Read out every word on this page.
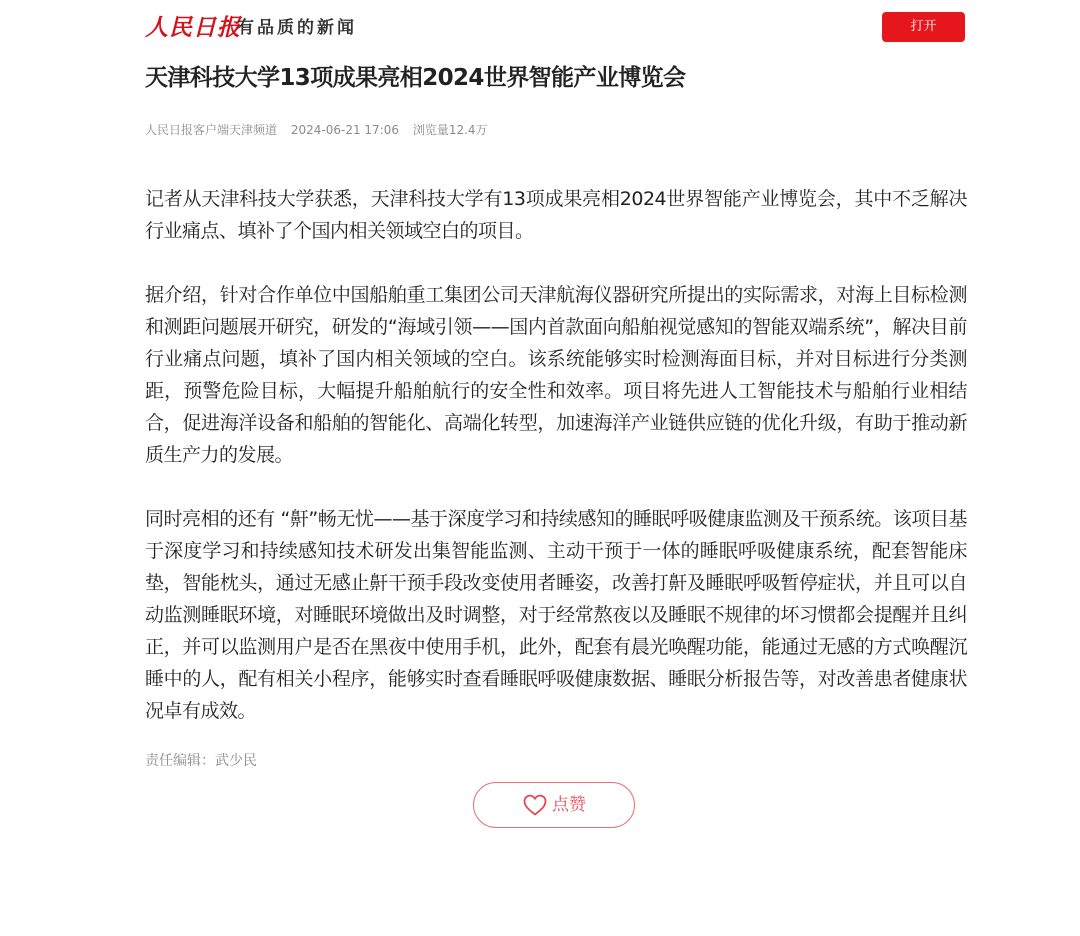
人民日报
有品质的新闻	打开
天津科技大学13项成果亮相2024世界智能产业博览会
人民日报客户端天津频道 2024-06-21 17:06 浏览量12.4万

记者从天津科技大学获悉，天津科技大学有13项成果亮相2024世界智能产业博览会，其中不乏解决行业痛点、填补了个国内相关领域空白的项目。

据介绍，针对合作单位中国船舶重工集团公司天津航海仪器研究所提出的实际需求，对海上目标检测和测距问题展开研究，研发的“海域引领——国内首款面向船舶视觉感知的智能双端系统”，解决目前行业痛点问题，填补了国内相关领域的空白。该系统能够实时检测海面目标，并对目标进行分类测距，预警危险目标，大幅提升船舶航行的安全性和效率。项目将先进人工智能技术与船舶行业相结合，促进海洋设备和船舶的智能化、高端化转型，加速海洋产业链供应链的优化升级，有助于推动新质生产力的发展。

同时亮相的还有 “鼾”畅无忧——基于深度学习和持续感知的睡眠呼吸健康监测及干预系统。该项目基于深度学习和持续感知技术研发出集智能监测、主动干预于一体的睡眠呼吸健康系统，配套智能床垫，智能枕头，通过无感止鼾干预手段改变使用者睡姿，改善打鼾及睡眠呼吸暂停症状，并且可以自动监测睡眠环境，对睡眠环境做出及时调整，对于经常熬夜以及睡眠不规律的坏习惯都会提醒并且纠正，并可以监测用户是否在黑夜中使用手机，此外，配套有晨光唤醒功能，能通过无感的方式唤醒沉睡中的人，配有相关小程序，能够实时查看睡眠呼吸健康数据、睡眠分析报告等，对改善患者健康状况卓有成效。

责任编辑：武少民
点赞
